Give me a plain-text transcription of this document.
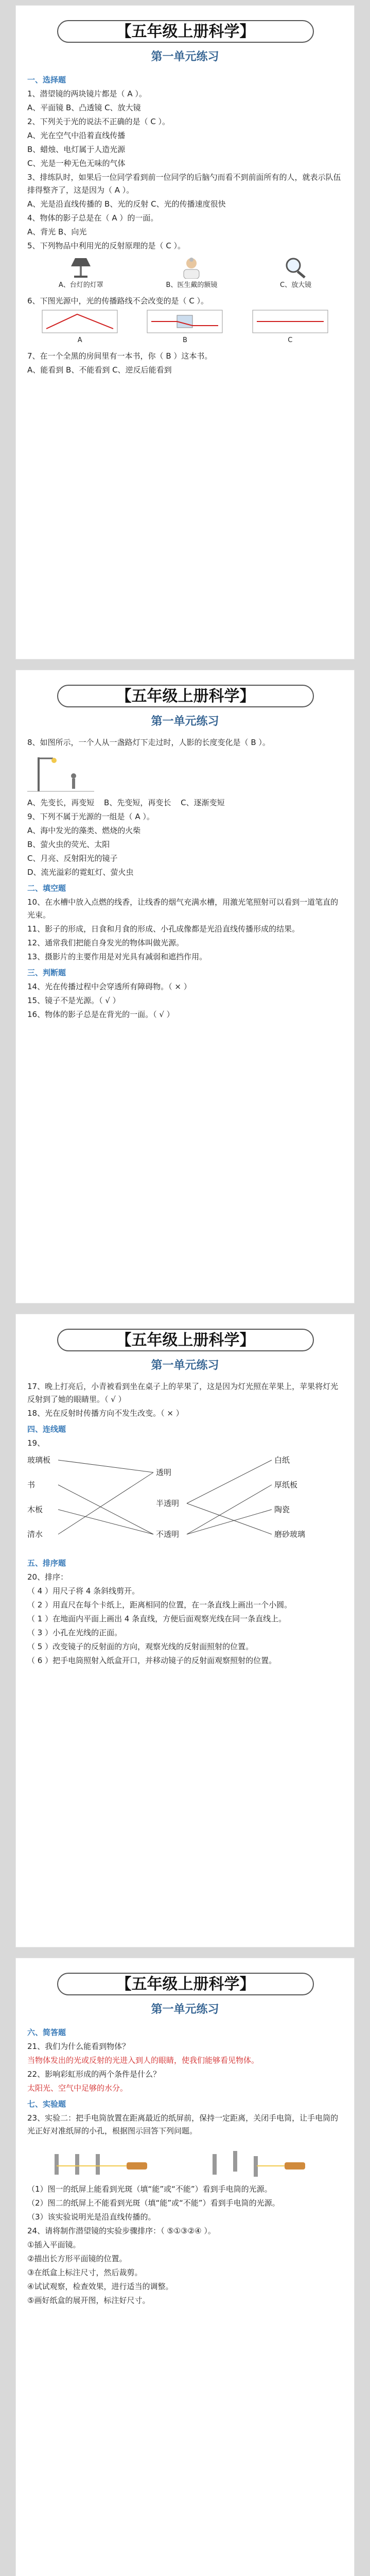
【五年级上册科学】
第一单元练习
一、选择题
1、潜望镜的两块镜片都是（ A ）。
A、平面镜 B、凸透镜 C、放大镜
2、下列关于光的说法不正确的是（ C ）。
A、光在空气中沿着直线传播
B、蜡烛、电灯属于人造光源
C、光是一种无色无味的气体
3、排练队时，如果后一位同学看到前一位同学的后脑勺而看不到前面所有的人，就表示队伍排得整齐了，这是因为（ A ）。
A、光是沿直线传播的 B、光的反射 C、光的传播速度很快
4、物体的影子总是在（ A ）的一面。
A、背光 B、向光
5、下列物品中利用光的反射原理的是（ C ）。
A、台灯的灯罩	B、医生戴的额镜	C、放大镜
6、下图光源中，光的传播路线不会改变的是（ C ）。
A	B	C
7、在一个全黑的房间里有一本书，你（ B ）这本书。
A、能看到 B、不能看到 C、逆反后能看到
【五年级上册科学】
第一单元练习
8、如图所示，一个人从一盏路灯下走过时，人影的长度变化是（ B ）。
A、先变长，再变短 B、先变短，再变长 C、逐渐变短
9、下列不属于光源的一组是（ A ）。
A、海中发光的藻类、燃烧的火柴
B、萤火虫的荧光、太阳
C、月亮、反射阳光的镜子
D、流光溢彩的霓虹灯、萤火虫
二、填空题
10、在水槽中放入点燃的线香，让线香的烟气充满水槽，用激光笔照射可以看到一道笔直的光束。
11、影子的形成，日食和月食的形成、小孔成像都是光沿直线传播形成的结果。
12、通常我们把能自身发光的物体叫做光源。
13、摄影片的主要作用是对光具有减弱和遮挡作用。
三、判断题
14、光在传播过程中会穿透所有障碍物。（ × ）
15、镜子不是光源。（ √ ）
16、物体的影子总是在背光的一面。（ √ ）
【五年级上册科学】
第一单元练习
17、晚上打亮后，小青被看到坐在桌子上的苹果了，这是因为灯光照在苹果上，苹果将灯光反射到了她的眼睛里。（ √ ）
18、光在反射时传播方向不发生改变。（ × ）
四、连线题
19、
玻璃板
书
木板
清水
透明
半透明
不透明
白纸
厚纸板
陶瓷
磨砂玻璃
五、排序题
20、排序：
（ 4 ）用尺子将 4 条斜线剪开。
（ 2 ）用直尺在每个卡纸上，距离相同的位置，在一条直线上画出一个小圆。
（ 1 ）在地面内平面上画出 4 条直线，方便后面观察光线在同一条直线上。
（ 3 ）小孔在光线的正面。
（ 5 ）改变镜子的反射面的方向，观察光线的反射面照射的位置。
（ 6 ）把手电筒照射入纸盒开口，并移动镜子的反射面观察照射的位置。
【五年级上册科学】
第一单元练习
六、简答题
21、我们为什么能看到物体？
当物体发出的光或反射的光进入到人的眼睛，使我们能够看见物体。
22、影响彩虹形成的两个条件是什么？
太阳光、空气中足够的水分。
七、实验题
23、实验二：把手电筒放置在距离最近的纸屏前，保持一定距离，关闭手电筒，让手电筒的光正好对准纸屏的小孔，根据图示回答下列问题。
（1）图一的纸屏上能看到光斑（填“能”或“不能”）看到手电筒的光源。
（2）图二的纸屏上不能看到光斑（填“能”或“不能”）看到手电筒的光源。
（3）该实验说明光是沿直线传播的。
24、请将制作潜望镜的实验步骤排序：（ ⑤①③②④ ）。
①插入平面镜。
②描出长方形平面镜的位置。
③在纸盒上标注尺寸，然后裁剪。
④试试观察，检查效果，进行适当的调整。
⑤画好纸盒的展开图，标注好尺寸。
